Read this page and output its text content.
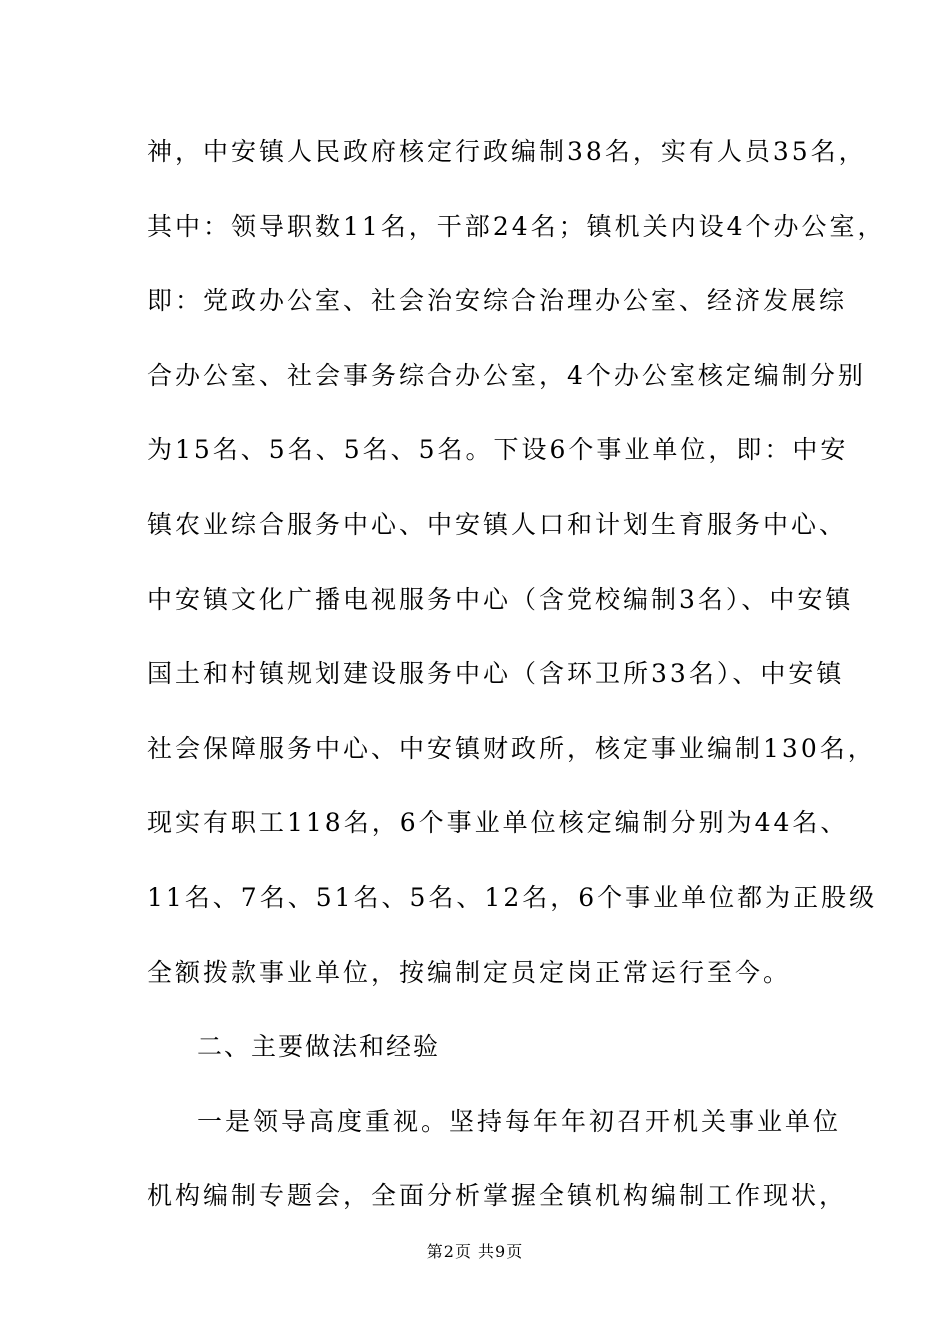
神，中安镇人民政府核定行政编制38名，实有人员35名，
其中：领导职数11名，干部24名；镇机关内设4个办公室，
即：党政办公室、社会治安综合治理办公室、经济发展综
合办公室、社会事务综合办公室，4个办公室核定编制分别
为15名、5名、5名、5名。下设6个事业单位，即：中安
镇农业综合服务中心、中安镇人口和计划生育服务中心、
中安镇文化广播电视服务中心（含党校编制3名）、中安镇
国土和村镇规划建设服务中心（含环卫所33名）、中安镇
社会保障服务中心、中安镇财政所，核定事业编制130名，
现实有职工118名，6个事业单位核定编制分别为44名、
11名、7名、51名、5名、12名，6个事业单位都为正股级
全额拨款事业单位，按编制定员定岗正常运行至今。
二、主要做法和经验
一是领导高度重视。坚持每年年初召开机关事业单位
机构编制专题会，全面分析掌握全镇机构编制工作现状，
第2页 共9页
